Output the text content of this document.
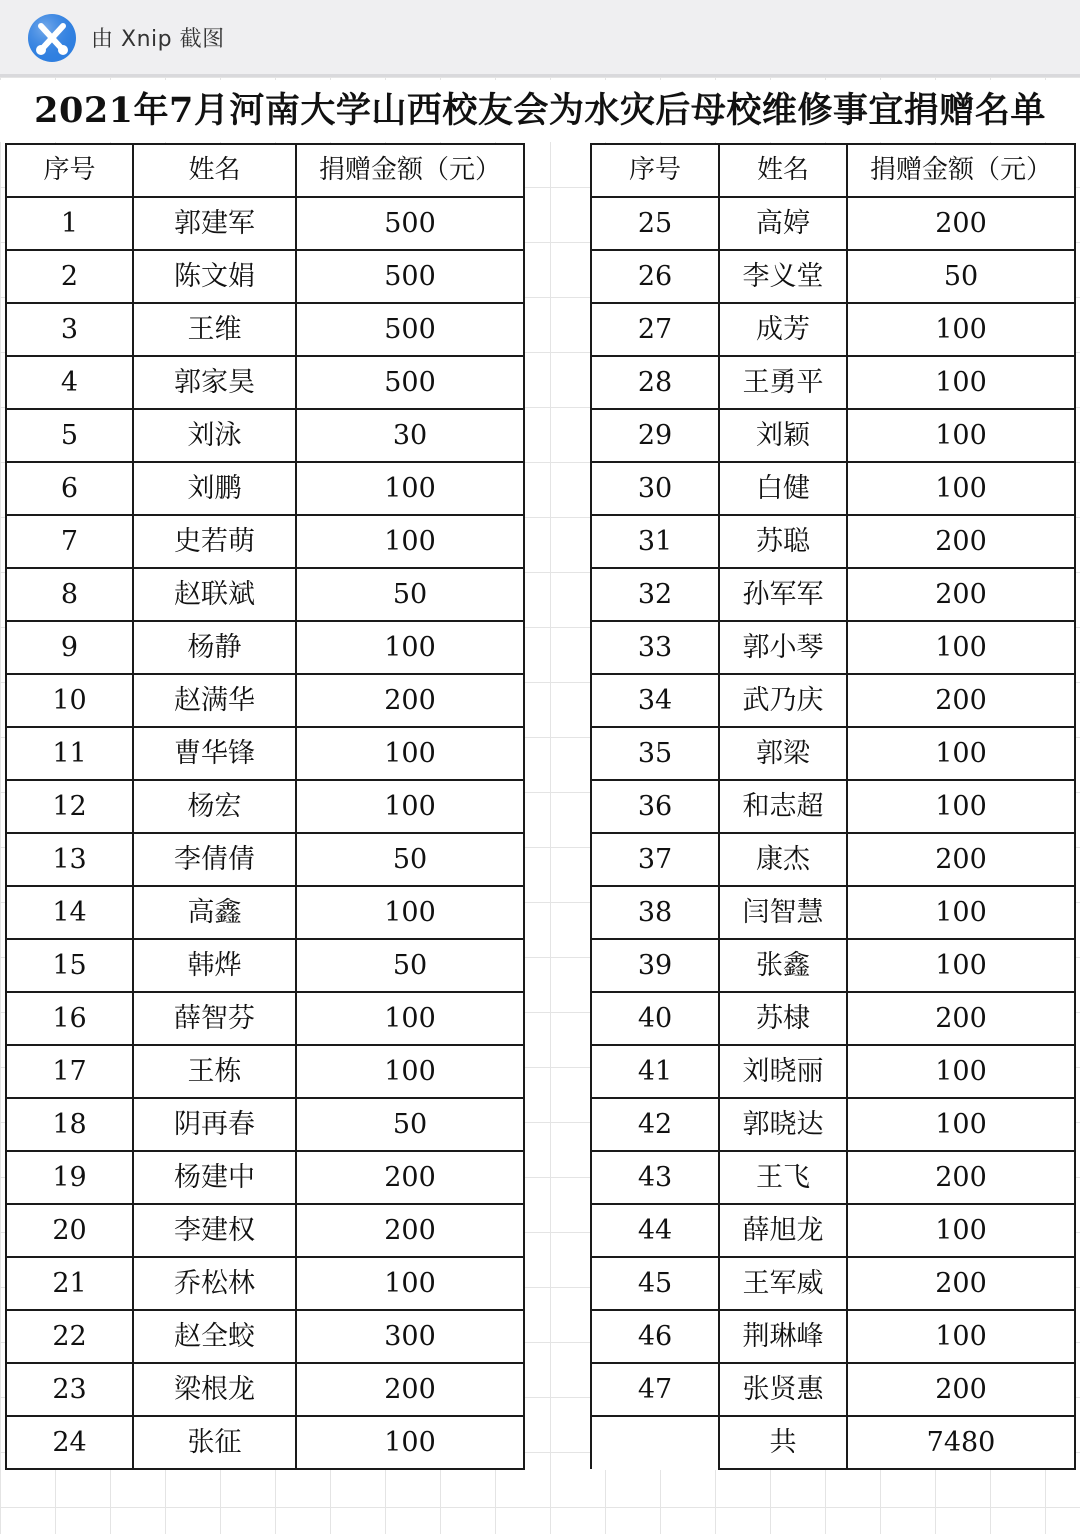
由 Xnip 截图
2021年7月河南大学山西校友会为水灾后母校维修事宜捐赠名单
序号	姓名	捐赠金额（元）
1	郭建军	500
2	陈文娟	500
3	王维	500
4	郭家昊	500
5	刘泳	30
6	刘鹏	100
7	史若萌	100
8	赵联斌	50
9	杨静	100
10	赵满华	200
11	曹华锋	100
12	杨宏	100
13	李倩倩	50
14	高鑫	100
15	韩烨	50
16	薛智芬	100
17	王栋	100
18	阴再春	50
19	杨建中	200
20	李建权	200
21	乔松林	100
22	赵全蛟	300
23	梁根龙	200
24	张征	100
序号	姓名	捐赠金额（元）
25	高婷	200
26	李义堂	50
27	成芳	100
28	王勇平	100
29	刘颖	100
30	白健	100
31	苏聪	200
32	孙军军	200
33	郭小琴	100
34	武乃庆	200
35	郭梁	100
36	和志超	100
37	康杰	200
38	闫智慧	100
39	张鑫	100
40	苏棣	200
41	刘晓丽	100
42	郭晓达	100
43	王飞	200
44	薛旭龙	100
45	王军威	200
46	荆琳峰	100
47	张贤惠	200
	共	7480
